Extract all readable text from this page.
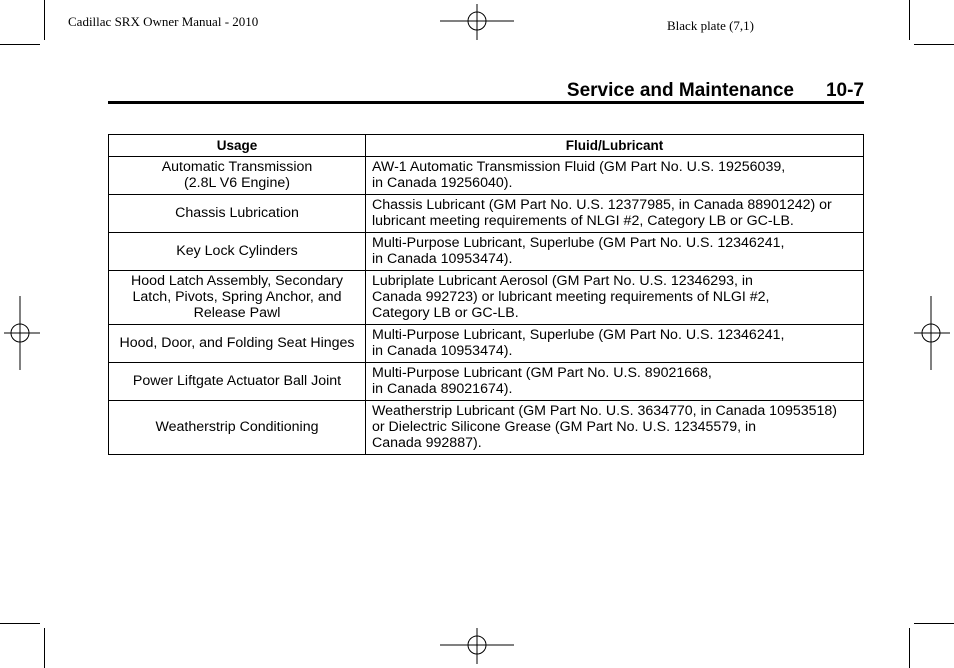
Cadillac SRX Owner Manual - 2010	Black plate (7,1)
Service and Maintenance 10-7
Usage	Fluid/Lubricant

Automatic Transmission
(2.8L V6 Engine)	AW-1 Automatic Transmission Fluid (GM Part No. U.S. 19256039,
in Canada 19256040).

Chassis Lubrication	Chassis Lubricant (GM Part No. U.S. 12377985, in Canada 88901242) or
lubricant meeting requirements of NLGI #2, Category LB or GC-LB.

Key Lock Cylinders	Multi-Purpose Lubricant, Superlube (GM Part No. U.S. 12346241,
in Canada 10953474).

Hood Latch Assembly, Secondary
Latch, Pivots, Spring Anchor, and
Release Pawl	Lubriplate Lubricant Aerosol (GM Part No. U.S. 12346293, in
Canada 992723) or lubricant meeting requirements of NLGI #2,
Category LB or GC-LB.

Hood, Door, and Folding Seat Hinges	Multi-Purpose Lubricant, Superlube (GM Part No. U.S. 12346241,
in Canada 10953474).

Power Liftgate Actuator Ball Joint	Multi-Purpose Lubricant (GM Part No. U.S. 89021668,
in Canada 89021674).

Weatherstrip Conditioning	Weatherstrip Lubricant (GM Part No. U.S. 3634770, in Canada 10953518)
or Dielectric Silicone Grease (GM Part No. U.S. 12345579, in
Canada 992887).
